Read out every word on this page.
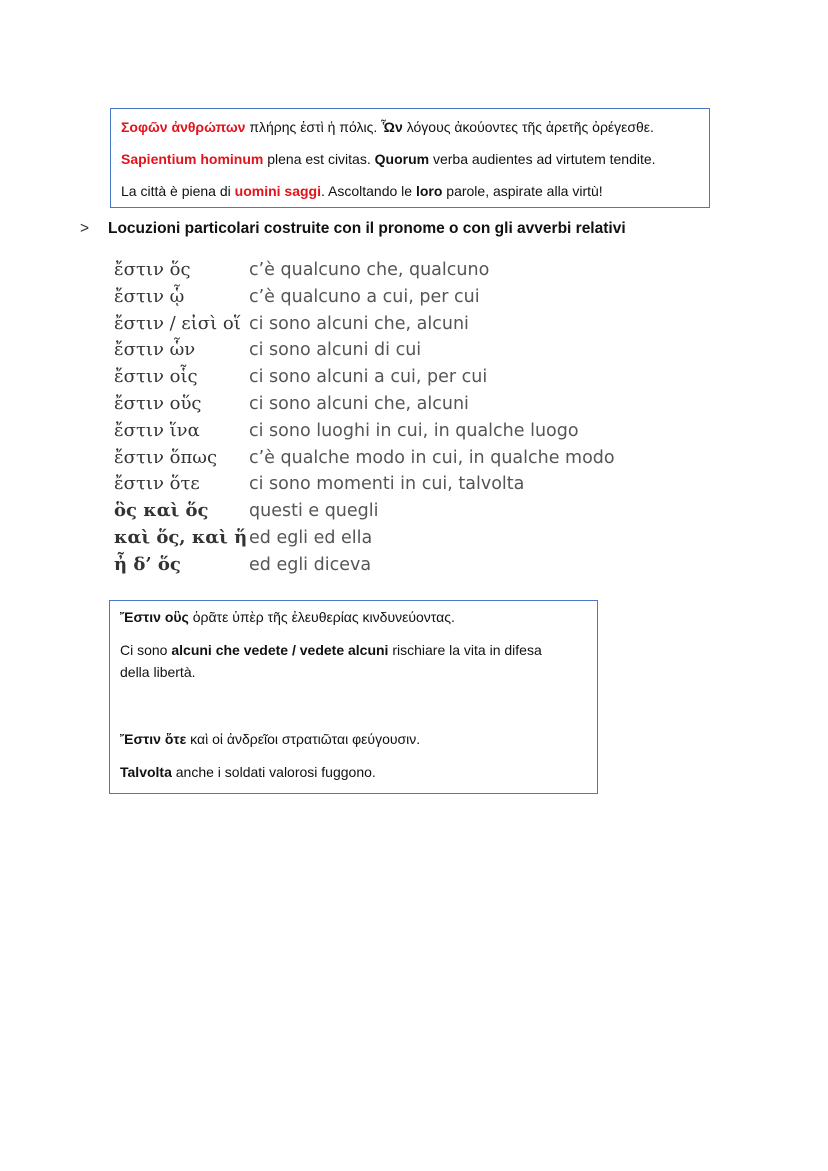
Σοφῶν ἀνθρώπων πλήρης ἐστὶ ἡ πόλις. Ὧν λόγους ἀκούοντες τῆς ἀρετῆς ὀρέγεσθε.
Sapientium hominum plena est civitas. Quorum verba audientes ad virtutem tendite.
La città è piena di uomini saggi. Ascoltando le loro parole, aspirate alla virtù!
> Locuzioni particolari costruite con il pronome o con gli avverbi relativi
ἔστιν ὅς	c’è qualcuno che, qualcuno
ἔστιν ᾧ	c’è qualcuno a cui, per cui
ἔστιν / εἰσὶ οἵ ci sono alcuni che, alcuni
ἔστιν ὧν	ci sono alcuni di cui
ἔστιν οἷς	ci sono alcuni a cui, per cui
ἔστιν οὕς	ci sono alcuni che, alcuni
ἔστιν ἵνα	ci sono luoghi in cui, in qualche luogo
ἔστιν ὅπως c’è qualche modo in cui, in qualche modo
ἔστιν ὅτε	ci sono momenti in cui, talvolta
ὃς καὶ ὅς questi e quegli
καὶ ὅς, καὶ ἥ ed egli ed ella
ἦ δ’ ὅς	ed egli diceva
Ἔστιν οὓς ὁρᾶτε ὑπὲρ τῆς ἐλευθερίας κινδυνεύοντας.
Ci sono alcuni che vedete / vedete alcuni rischiare la vita in difesa
della libertà.
Ἔστιν ὅτε καὶ οἱ ἀνδρεῖοι στρατιῶται φεύγουσιν.
Talvolta anche i soldati valorosi fuggono.
